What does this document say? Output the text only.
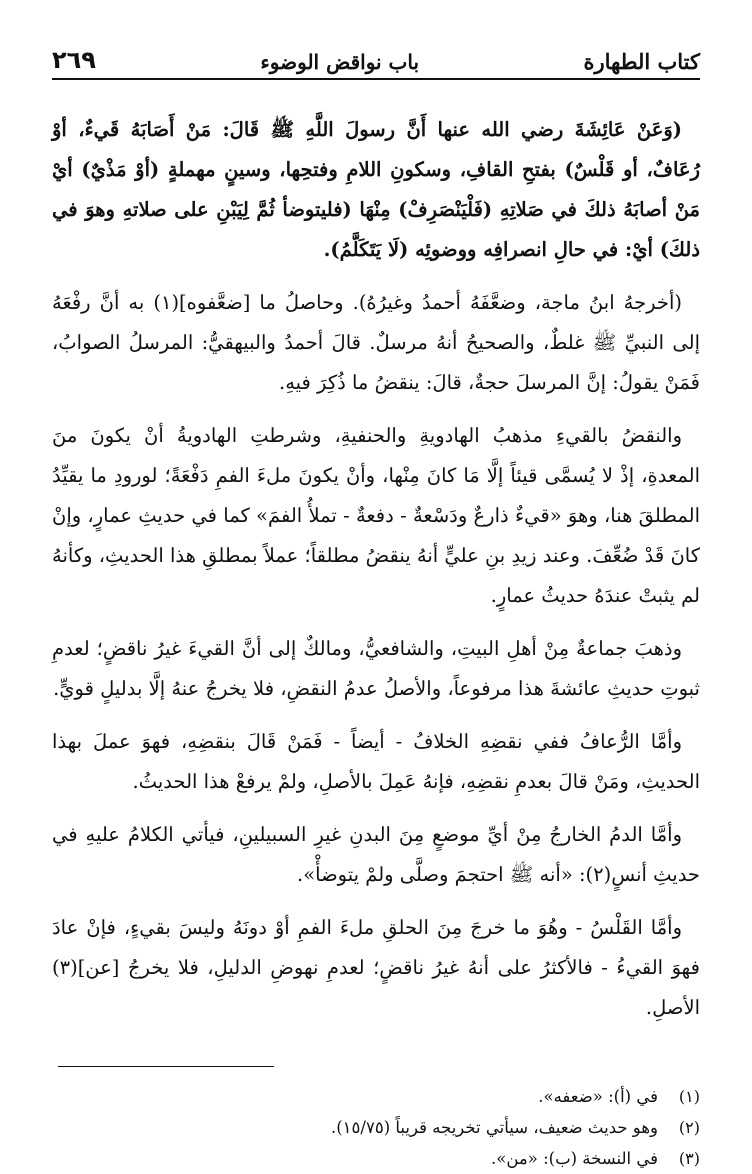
كتاب الطهارة
باب نواقض الوضوء
٢٦٩

(وَعَنْ عَائِشَةَ رضي الله عنها أَنَّ رسولَ اللَّهِ ﷺ قَالَ: مَنْ أَصَابَهُ قَيءٌ، أوْ رُعَافٌ، أو قَلْسٌ) بفتحِ القافِ، وسكونِ اللامِ وفتحِها، وسينٍ مهملةٍ (أوْ مَذْيٌ) أيْ مَنْ أصابَهُ ذلكَ في صَلاتِهِ (فَلْيَنْصَرِفْ) مِنْهَا (فليتوضأ ثُمَّ لِيَبْنِ على صلاتهِ وهوَ في ذلكَ) أيْ: في حالِ انصرافِه ووضوئِه (لَا يَتَكَلَّمُ).

(أخرجهُ ابنُ ماجة، وضعَّفَهُ أحمدُ وغيرُهُ). وحاصلُ ما [ضعَّفوه](١) به أنَّ رفْعَهُ إلى النبيِّ ﷺ غلطٌ، والصحيحُ أنهُ مرسلٌ. قالَ أحمدُ والبيهقيُّ: المرسلُ الصوابُ، فَمَنْ يقولُ: إنَّ المرسلَ حجةٌ، قالَ: ينقضُ ما ذُكِرَ فيهِ.

والنقضُ بالقيءِ مذهبُ الهادويةِ والحنفيةِ، وشرطتِ الهادويةُ أنْ يكونَ منَ المعدةِ، إذْ لا يُسمَّى قيئاً إلَّا مَا كانَ مِنْها، وأنْ يكونَ ملءَ الفمِ دَفْعَةً؛ لورودِ ما يقيِّدُ المطلقَ هنا، وهوَ «قيءٌ ذارعٌ ودَسْعةٌ - دفعةٌ - تملأُ الفمَ» كما في حديثِ عمارٍ، وإنْ كانَ قَدْ ضُعِّفَ. وعند زيدِ بنِ عليٍّ أنهُ ينقضُ مطلقاً؛ عملاً بمطلقِ هذا الحديثِ، وكأنهُ لم يثبتْ عندَهُ حديثُ عمارٍ.

وذهبَ جماعةٌ مِنْ أهلِ البيتِ، والشافعيُّ، ومالكٌ إلى أنَّ القيءَ غيرُ ناقضٍ؛ لعدمِ ثبوتِ حديثِ عائشةَ هذا مرفوعاً، والأصلُ عدمُ النقضِ، فلا يخرجُ عنهُ إلَّا بدليلٍ قويٍّ.

وأمَّا الرُّعافُ ففي نقضِهِ الخلافُ - أيضاً - فَمَنْ قَالَ بنقضِهِ، فهوَ عملَ بهذا الحديثِ، ومَنْ قالَ بعدمِ نقضِهِ، فإنهُ عَمِلَ بالأصلِ، ولمْ يرفعْ هذا الحديثُ.

وأمَّا الدمُ الخارجُ مِنْ أيِّ موضعٍ مِنَ البدنِ غيرِ السبيلينِ، فيأتي الكلامُ عليهِ في حديثِ أنسٍ(٢): «أنه ﷺ احتجمَ وصلَّى ولمْ يتوضأْ».

وأمَّا القَلْسُ - وهُوَ ما خرجَ مِنَ الحلقِ ملءَ الفمِ أوْ دونَهُ وليسَ بقيءٍ، فإنْ عادَ فهوَ القيءُ - فالأكثرُ على أنهُ غيرُ ناقضٍ؛ لعدمِ نهوضِ الدليلِ، فلا يخرجُ [عن](٣) الأصلِ.

(١)
في (أ): «ضعفه».
(٢)
وهو حديث ضعيف، سيأتي تخريجه قريباً (١٥/٧٥).
(٣)
في النسخة (ب): «من».
